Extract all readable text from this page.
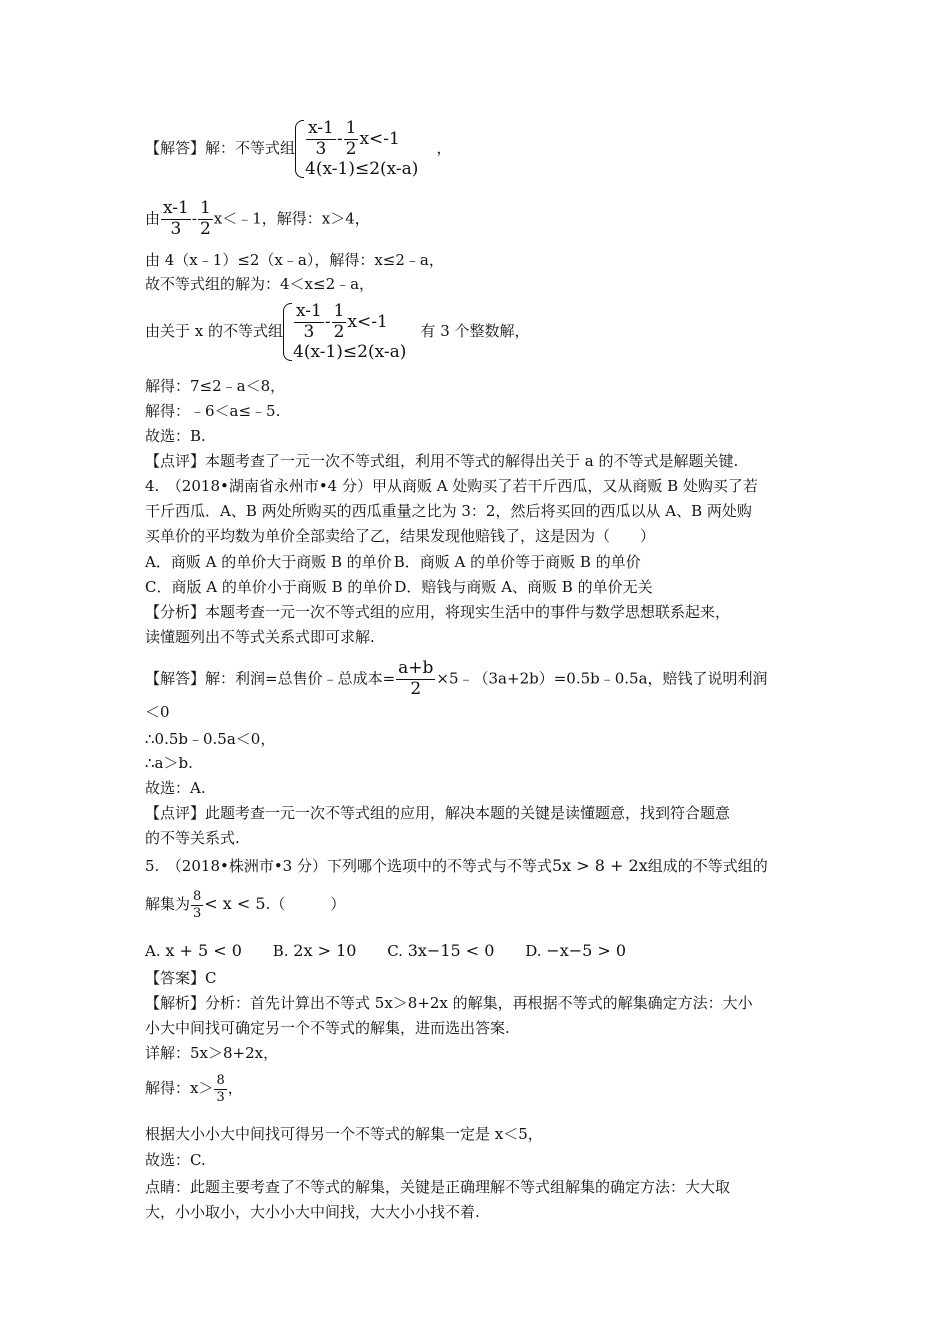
【解答】解：不等式组 $\frac{x-1}{3} - \frac{1}{2} x<-1$
4(x-1)≤2(x-a)
，
由 $\frac{x-1}{3} - \frac{1}{2}$ x＜﹣1，解得：x＞4，
由 4（x﹣1）≤2（x﹣a），解得：x≤2﹣a，
故不等式组的解为：4＜x≤2﹣a，
由关于 x 的不等式组 $\frac{x-1}{3} - \frac{1}{2} x<-1$
4(x-1)≤2(x-a)
有 3 个整数解，
解得：7≤2﹣a＜8，
解得：﹣6＜a≤﹣5.
故选：B.
【点评】本题考查了一元一次不等式组，利用不等式的解得出关于 a 的不等式是解题关键.
4.　（2018•湖南省永州市•4 分）甲从商贩 A 处购买了若干斤西瓜，又从商贩 B 处购买了若
干斤西瓜．A、B 两处所购买的西瓜重量之比为 3：2，然后将买回的西瓜以从 A、B 两处购
买单价的平均数为单价全部卖给了乙，结果发现他赔钱了，这是因为（　　）
A．商贩 A 的单价大于商贩 B 的单价 B．商贩 A 的单价等于商贩 B 的单价
C．商版 A 的单价小于商贩 B 的单价 D．赔钱与商贩 A、商贩 B 的单价无关
【分析】本题考查一元一次不等式组的应用，将现实生活中的事件与数学思想联系起来，
读懂题列出不等式关系式即可求解.
【解答】解：利润=总售价﹣总成本= $\frac{a+b}{2}$ ×5﹣（3a+2b）=0.5b﹣0.5a，赔钱了说明利润
＜0
∴0.5b﹣0.5a＜0，
∴a＞b.
故选：A.
【点评】此题考查一元一次不等式组的应用，解决本题的关键是读懂题意，找到符合题意
的不等关系式.
5.　（2018•株洲市•3 分）下列哪个选项中的不等式与不等式5x > 8 + 2x组成的不等式组的
解集为 $\frac{8}{3} < x < 5$.（　　　）
A. x + 5 < 0 B. 2x > 10 C. 3x−15 < 0 D. −x−5 > 0
【答案】C
【解析】分析：首先计算出不等式 5x＞8+2x 的解集，再根据不等式的解集确定方法：大小
小大中间找可确定另一个不等式的解集，进而选出答案.
详解：5x＞8+2x，
解得：$x> \frac{8}{3}$ ，
根据大小小大中间找可得另一个不等式的解集一定是 x＜5，
故选：C.
点睛：此题主要考查了不等式的解集，关键是正确理解不等式组解集的确定方法：大大取
大，小小取小，大小小大中间找，大大小小找不着.
